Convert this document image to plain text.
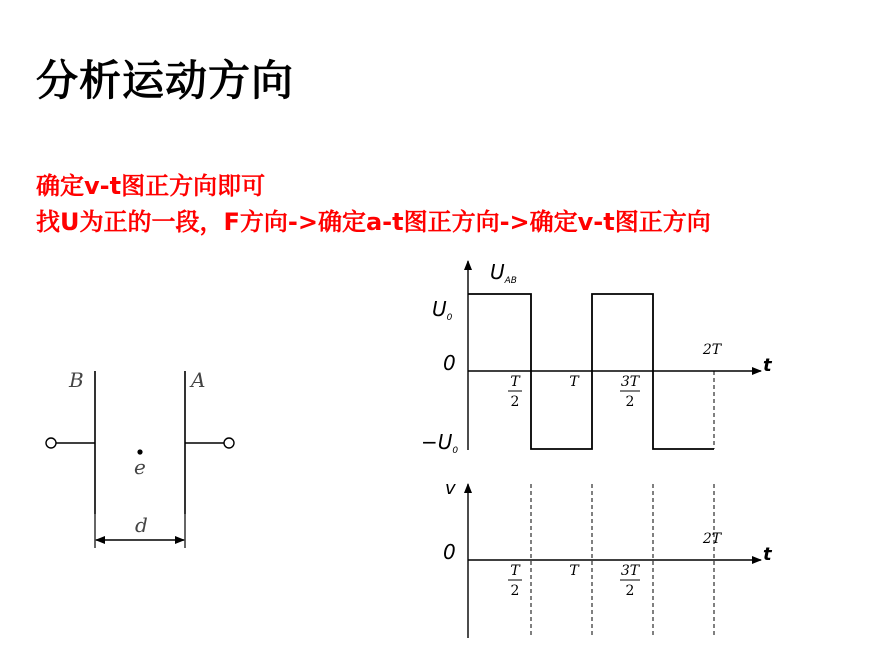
分析运动方向

确定v-t图正方向即可

找U为正的一段，F方向->确定a-t图正方向->确定v-t图正方向

e
B	A
d
$U_{AB}$
$U_0$
0
$-U_0$
t
T
2
T	3T
2
2T
v
0	t
T
2
T	3T
2
2T
